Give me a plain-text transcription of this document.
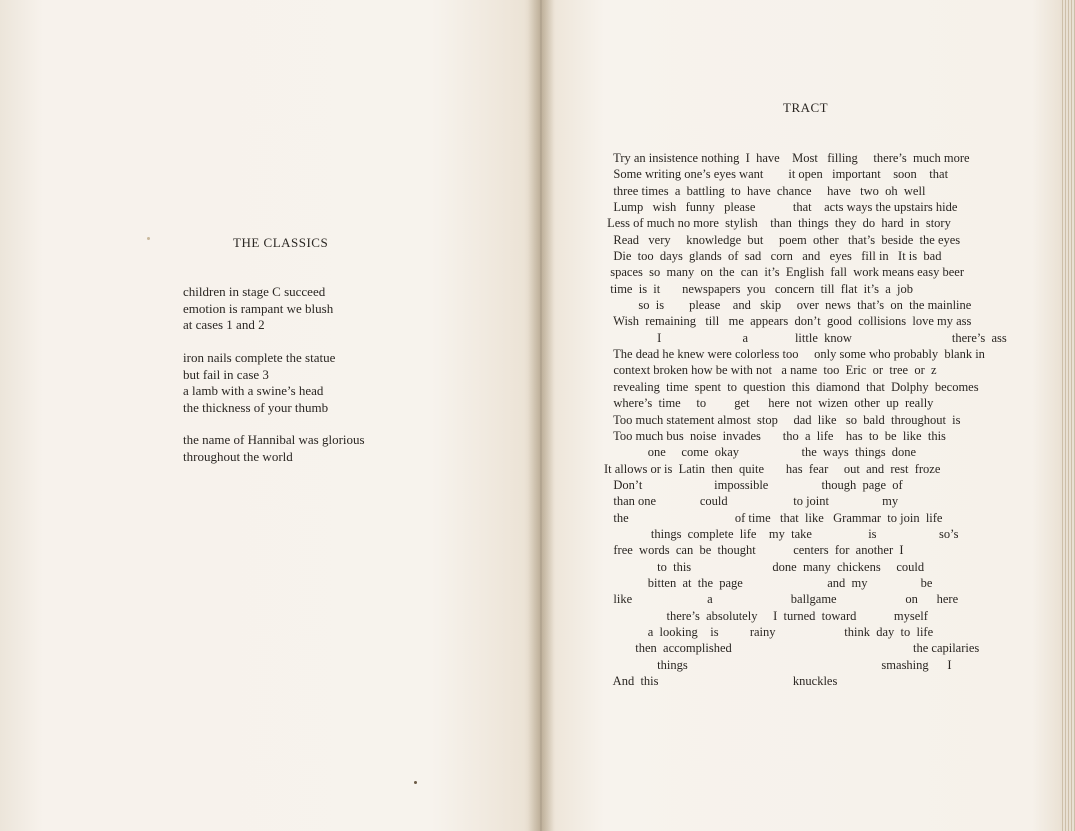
THE CLASSICS
children in stage C succeed
emotion is rampant we blush
at cases 1 and 2
iron nails complete the statue
but fail in case 3
a lamb with a swine’s head
the thickness of your thumb
the name of Hannibal was glorious
throughout the world
TRACT
Try an insistence nothing  I  have    Most   filling     there’s  much more
Some writing one’s eyes want        it open   important    soon    that
three times  a  battling  to  have  chance     have   two  oh  well
Lump   wish   funny   please            that    acts ways the upstairs hide
Less of much no more  stylish    than  things  they  do  hard  in  story
Read   very     knowledge  but     poem  other   that’s  beside  the eyes
Die  too  days  glands  of  sad   corn   and   eyes   fill in   It is  bad
spaces  so  many  on  the  can  it’s  English  fall  work means easy beer
time  is  it       newspapers  you   concern  till  flat  it’s  a  job
so  is        please    and   skip     over  news  that’s  on  the mainline
Wish  remaining   till   me  appears  don’t  good  collisions  love my ass
I                          a               little  know                                there’s  ass
The dead he knew were colorless too     only some who probably  blank in
context broken how be with not   a name  too  Eric  or  tree  or  z
revealing  time  spent  to  question  this  diamond  that  Dolphy  becomes
where’s  time     to         get      here  not  wizen  other  up  really
Too much statement almost  stop     dad  like   so  bald  throughout  is
Too much bus  noise  invades       tho  a  life    has  to  be  like  this
one     come  okay                    the  ways  things  done
It allows or is  Latin  then  quite       has  fear     out  and  rest  froze
Don’t                       impossible                 though  page  of
than one              could                     to joint                 my
the                                  of time   that  like   Grammar  to join  life
things  complete  life    my  take                  is                    so’s
free  words  can  be  thought            centers  for  another  I
to  this                          done  many  chickens     could
bitten  at  the  page                           and  my                 be
like                        a                         ballgame                      on      here
there’s  absolutely     I  turned  toward            myself
a  looking    is          rainy                      think  day  to  life
then  accomplished                                                          the capilaries
things                                                              smashing      I
And  this                                           knuckles
